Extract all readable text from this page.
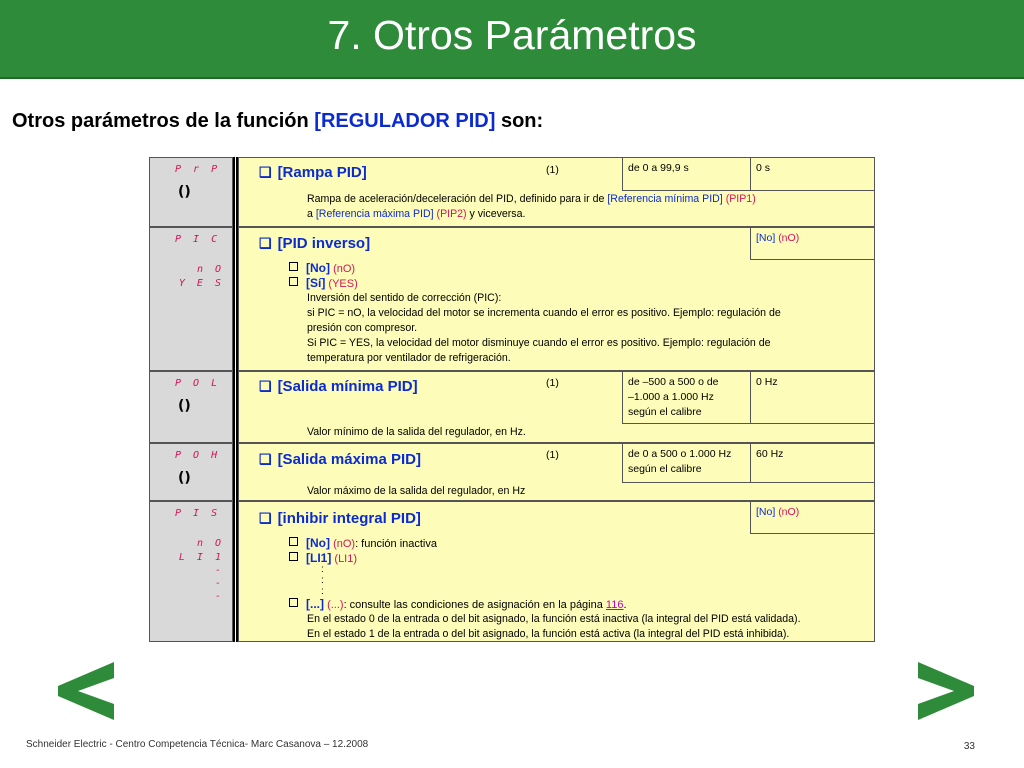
7. Otros Parámetros
Otros parámetros de la función [REGULADOR PID] son:
P r P
()
❑ [Rampa PID]	(1)	de 0 a 99,9 s	0 s
Rampa de aceleración/deceleración del PID, definido para ir de [Referencia mínima PID] (PIP1)
a [Referencia máxima PID] (PIP2) y viceversa.
P I C
n O
Y E S
❑ [PID inverso]	[No] (nO)
[No] (nO)
[Sí] (YES)
Inversión del sentido de corrección (PIC):
si PIC = nO, la velocidad del motor se incrementa cuando el error es positivo. Ejemplo: regulación de
presión con compresor.
Si PIC = YES, la velocidad del motor disminuye cuando el error es positivo. Ejemplo: regulación de
temperatura por ventilador de refrigeración.
P O L
()
❑ [Salida mínima PID]	(1)	de –500 a 500 o de
–1.000 a 1.000 Hz
según el calibre
0 Hz
Valor mínimo de la salida del regulador, en Hz.
P O H
()
❑ [Salida máxima PID]	(1)	de 0 a 500 o 1.000 Hz
según el calibre
60 Hz
Valor máximo de la salida del regulador, en Hz
P I S
n O
L I 1
-
-
-
❑ [inhibir integral PID]	[No] (nO)
[No] (nO): función inactiva
[LI1] (LI1)
:
:
:
[...] (...): consulte las condiciones de asignación en la página 116.
En el estado 0 de la entrada o del bit asignado, la función está inactiva (la integral del PID está validada).
En el estado 1 de la entrada o del bit asignado, la función está activa (la integral del PID está inhibida).
Schneider Electric - Centro Competencia Técnica- Marc Casanova – 12.2008	33
